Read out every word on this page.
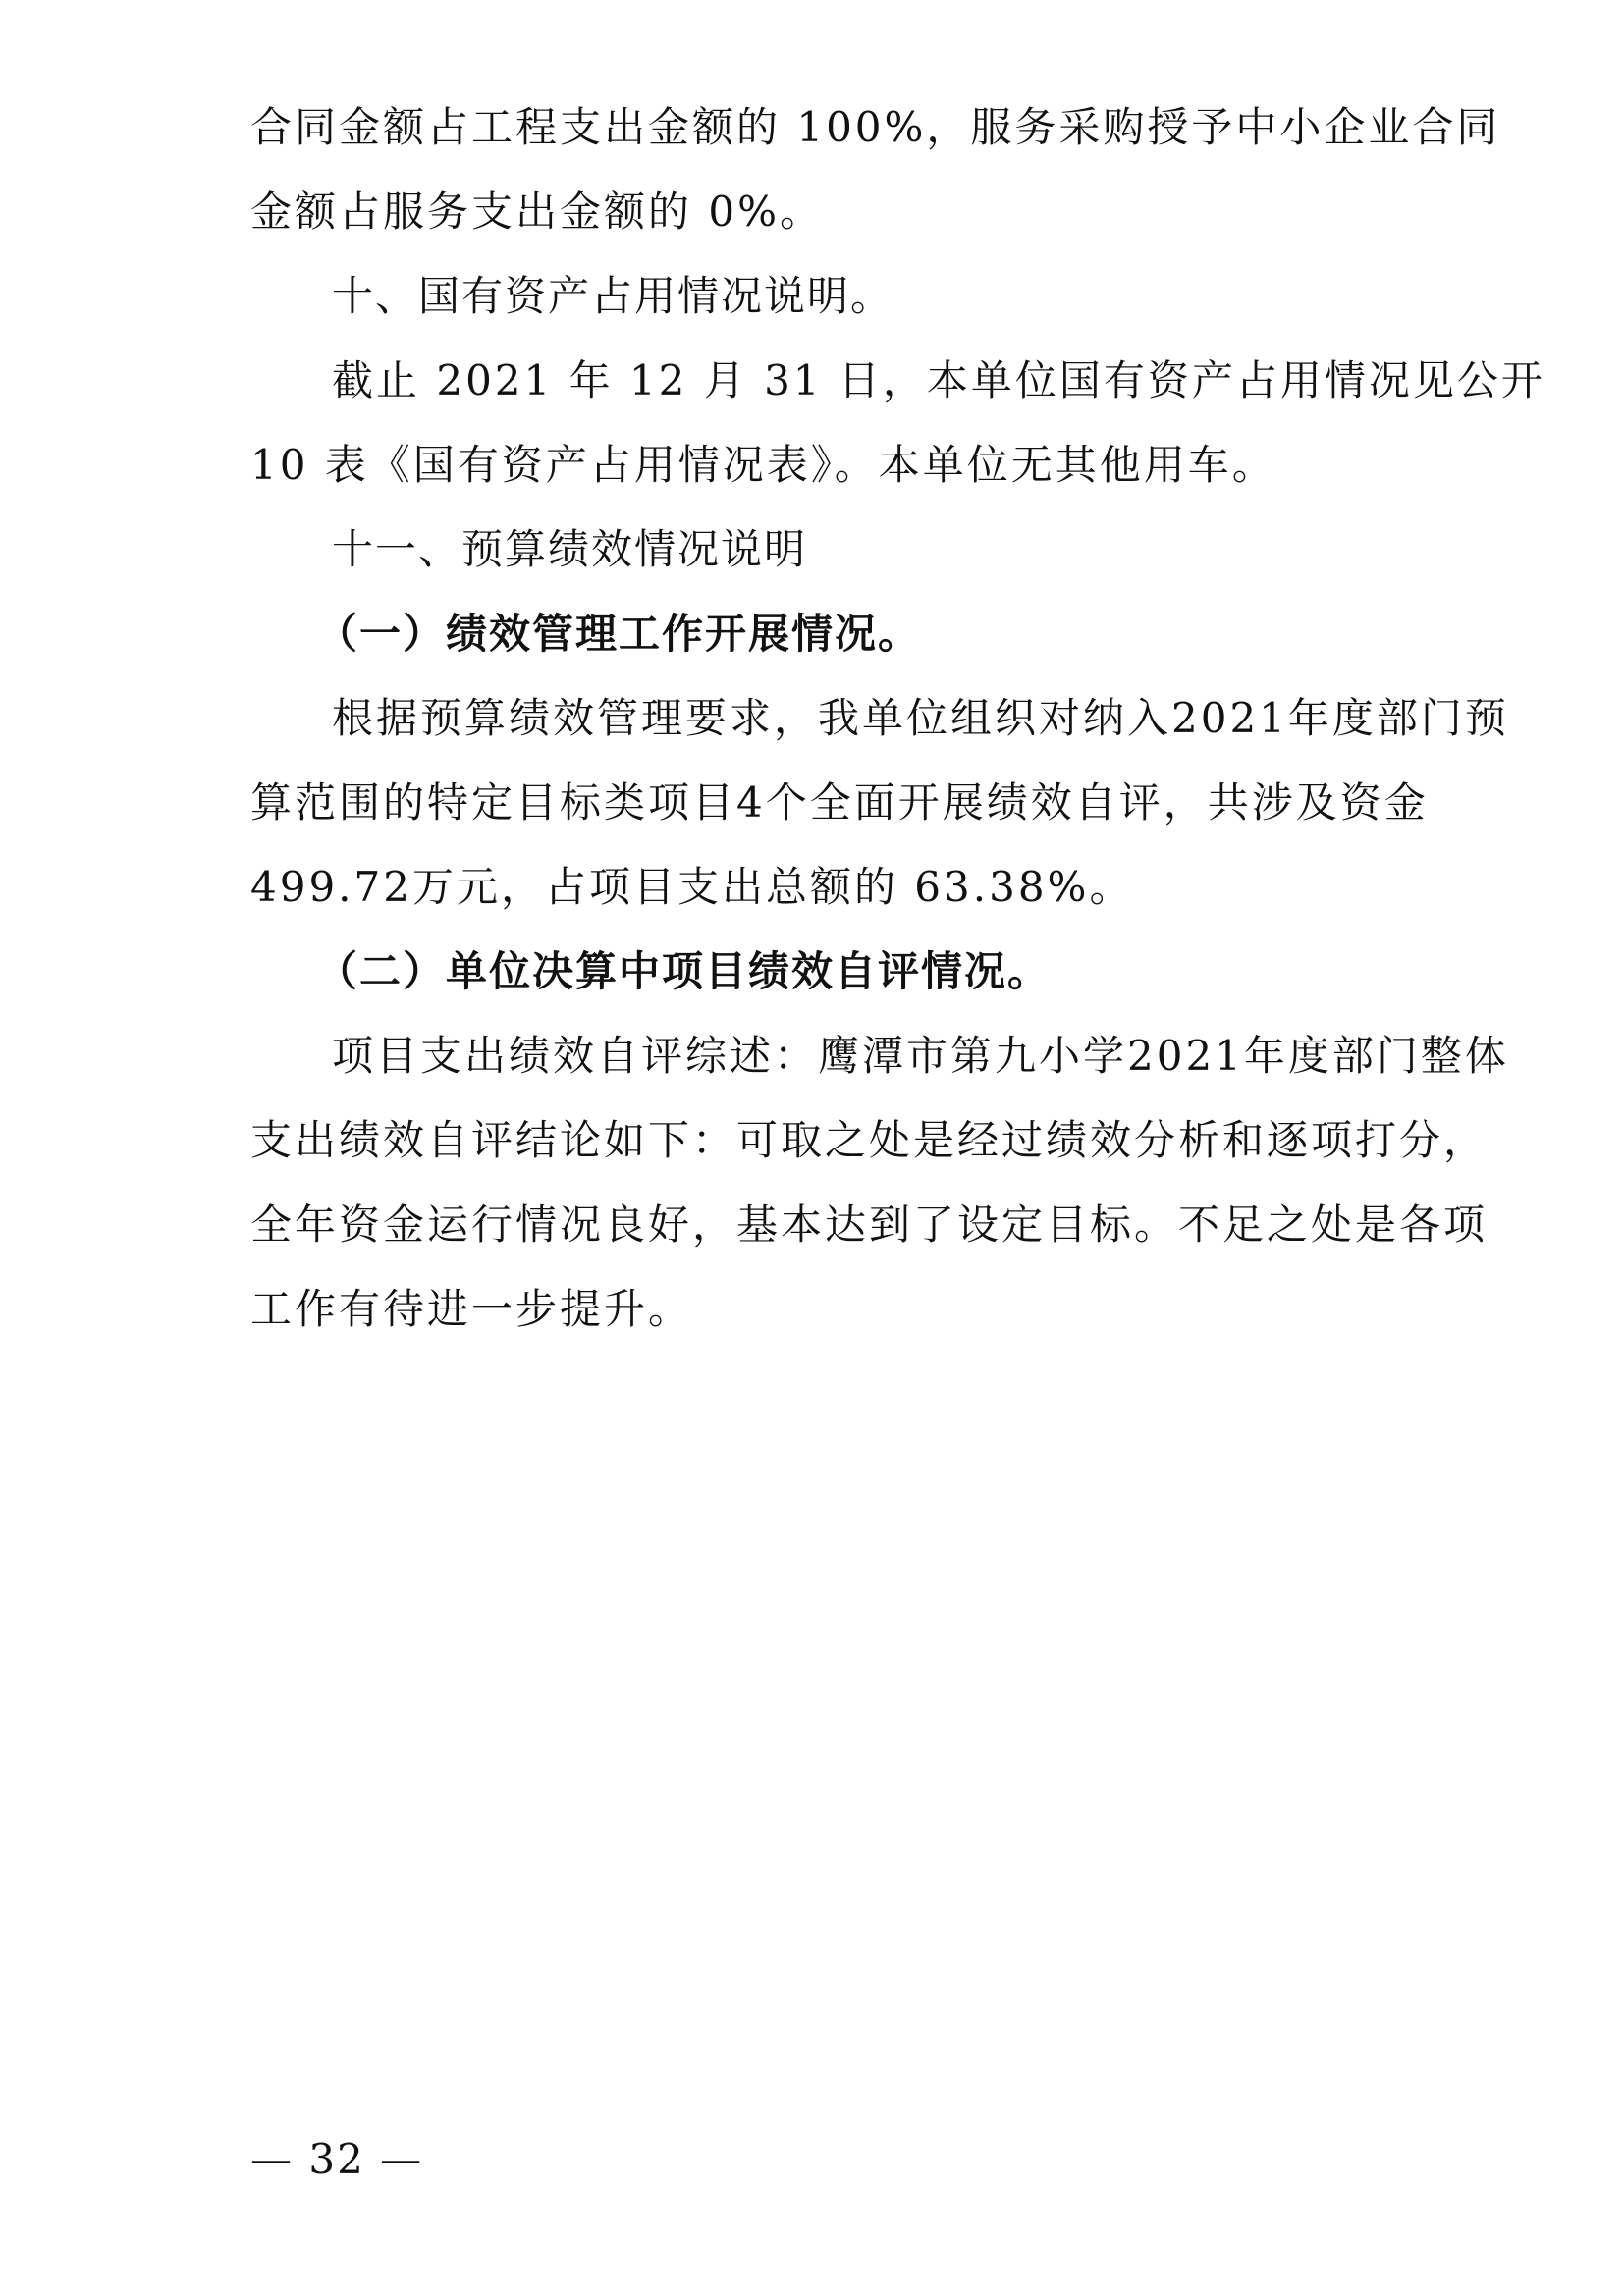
合同金额占工程支出金额的 100%，服务采购授予中小企业合同
金额占服务支出金额的 0%。
十、国有资产占用情况说明。
截止 2021 年 12 月 31 日，本单位国有资产占用情况见公开
10 表《国有资产占用情况表》。本单位无其他用车。
十一、预算绩效情况说明
（一）绩效管理工作开展情况。
根据预算绩效管理要求，我单位组织对纳入2021年度部门预
算范围的特定目标类项目4个全面开展绩效自评，共涉及资金
499.72万元，占项目支出总额的 63.38%。
（二）单位决算中项目绩效自评情况。
项目支出绩效自评综述：鹰潭市第九小学2021年度部门整体
支出绩效自评结论如下：可取之处是经过绩效分析和逐项打分，
全年资金运行情况良好，基本达到了设定目标。不足之处是各项
工作有待进一步提升。
— 32 —
